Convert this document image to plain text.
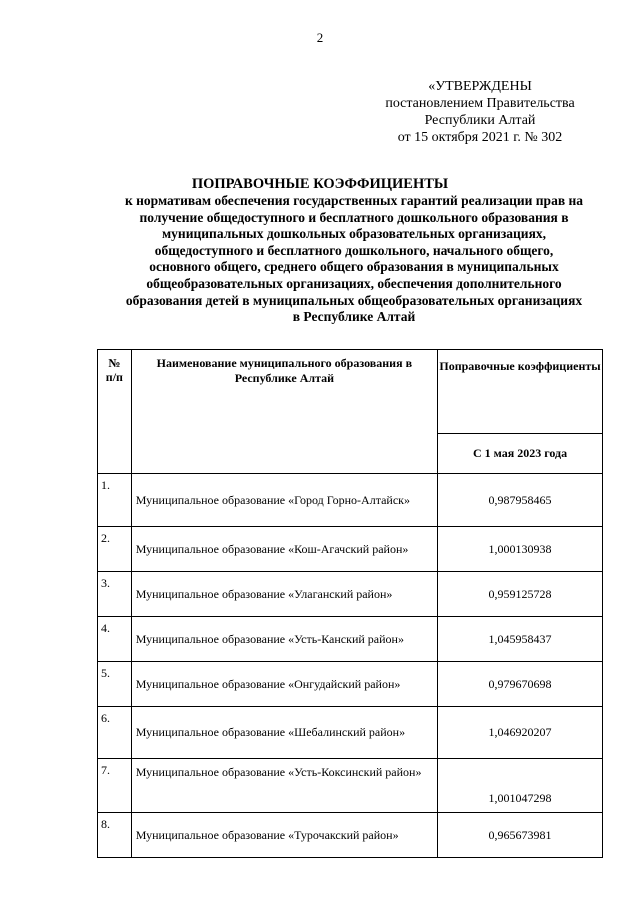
2
«УТВЕРЖДЕНЫ
постановлением Правительства
Республики Алтай
от 15 октября 2021 г. № 302
ПОПРАВОЧНЫЕ КОЭФФИЦИЕНТЫ
к нормативам обеспечения государственных гарантий реализации прав на
получение общедоступного и бесплатного дошкольного образования в
муниципальных дошкольных образовательных организациях,
общедоступного и бесплатного дошкольного, начального общего,
основного общего, среднего общего образования в муниципальных
общеобразовательных организациях, обеспечения дополнительного
образования детей в муниципальных общеобразовательных организациях
в Республике Алтай
№
п/п	Наименование муниципального образования в Республике Алтай	Поправочные коэффициенты
		С 1 мая 2023 года
1.	Муниципальное образование «Город Горно-Алтайск»	0,987958465
2.	Муниципальное образование «Кош-Агачский район»	1,000130938
3.	Муниципальное образование «Улаганский район»	0,959125728
4.	Муниципальное образование «Усть-Канский район»	1,045958437
5.	Муниципальное образование «Онгудайский район»	0,979670698
6.	Муниципальное образование «Шебалинский район»	1,046920207
7.	Муниципальное образование «Усть-Коксинский район»	1,001047298
8.	Муниципальное образование «Турочакский район»	0,965673981
